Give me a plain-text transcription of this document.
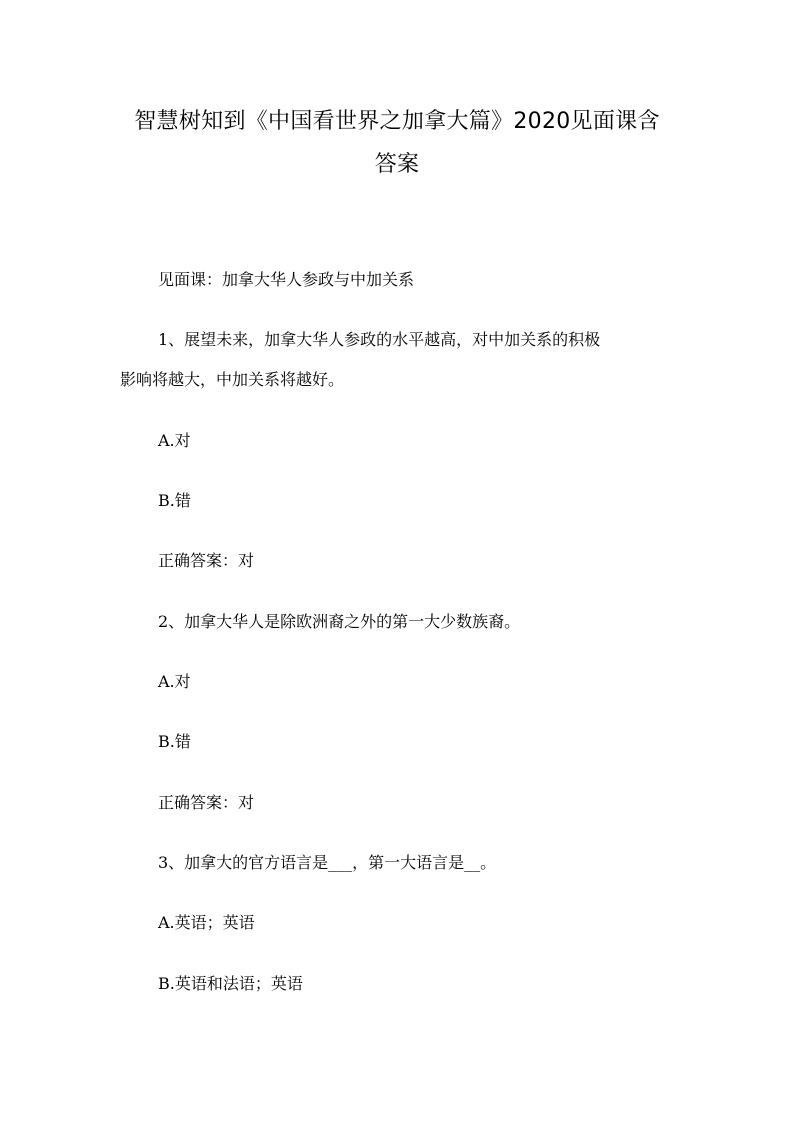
智慧树知到《中国看世界之加拿大篇》2020见面课含
答案

见面课：加拿大华人参政与中加关系

1、展望未来，加拿大华人参政的水平越高，对中加关系的积极

影响将越大，中加关系将越好。

A.对

B.错

正确答案：对

2、加拿大华人是除欧洲裔之外的第一大少数族裔。

A.对

B.错

正确答案：对

3、加拿大的官方语言是___，第一大语言是__。

A.英语；英语

B.英语和法语；英语
